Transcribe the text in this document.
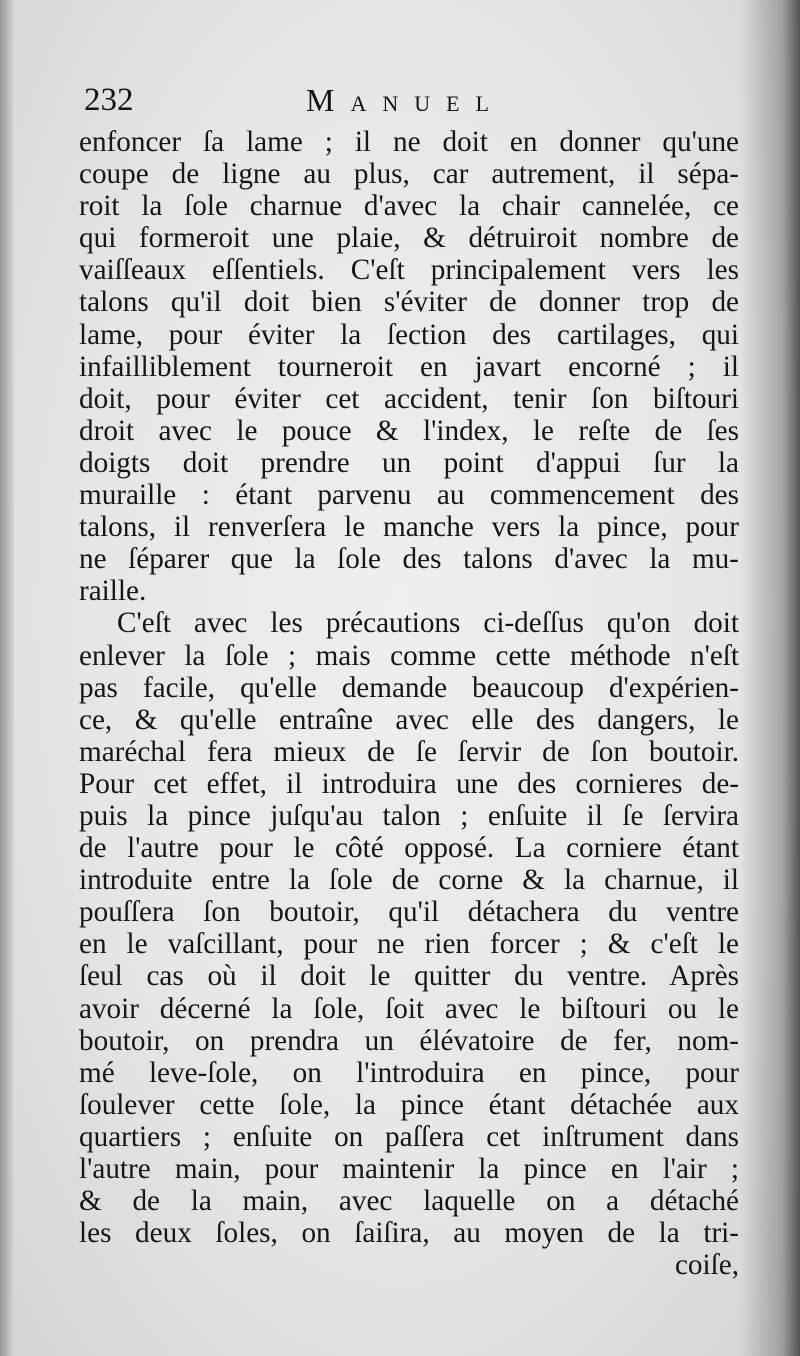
232	Manuel
enfoncer ſa lame ; il ne doit en donner qu'une
coupe de ligne au plus, car autrement, il sépa-
roit la ſole charnue d'avec la chair cannelée, ce
qui formeroit une plaie, & détruiroit nombre de
vaiſſeaux eſſentiels. C'eſt principalement vers les
talons qu'il doit bien s'éviter de donner trop de
lame, pour éviter la ſection des cartilages, qui
infailliblement tourneroit en javart encorné ; il
doit, pour éviter cet accident, tenir ſon biſtouri
droit avec le pouce & l'index, le reſte de ſes
doigts doit prendre un point d'appui ſur la
muraille : étant parvenu au commencement des
talons, il renverſera le manche vers la pince, pour
ne ſéparer que la ſole des talons d'avec la mu-
raille.
C'eſt avec les précautions ci-deſſus qu'on doit
enlever la ſole ; mais comme cette méthode n'eſt
pas facile, qu'elle demande beaucoup d'expérien-
ce, & qu'elle entraîne avec elle des dangers, le
maréchal fera mieux de ſe ſervir de ſon boutoir.
Pour cet effet, il introduira une des cornieres de-
puis la pince juſqu'au talon ; enſuite il ſe ſervira
de l'autre pour le côté opposé. La corniere étant
introduite entre la ſole de corne & la charnue, il
pouſſera ſon boutoir, qu'il détachera du ventre
en le vaſcillant, pour ne rien forcer ; & c'eſt le
ſeul cas où il doit le quitter du ventre. Après
avoir décerné la ſole, ſoit avec le biſtouri ou le
boutoir, on prendra un élévatoire de fer, nom-
mé leve-ſole, on l'introduira en pince, pour
ſoulever cette ſole, la pince étant détachée aux
quartiers ; enſuite on paſſera cet inſtrument dans
l'autre main, pour maintenir la pince en l'air ;
& de la main, avec laquelle on a détaché
les deux ſoles, on ſaiſira, au moyen de la tri-
coiſe,
